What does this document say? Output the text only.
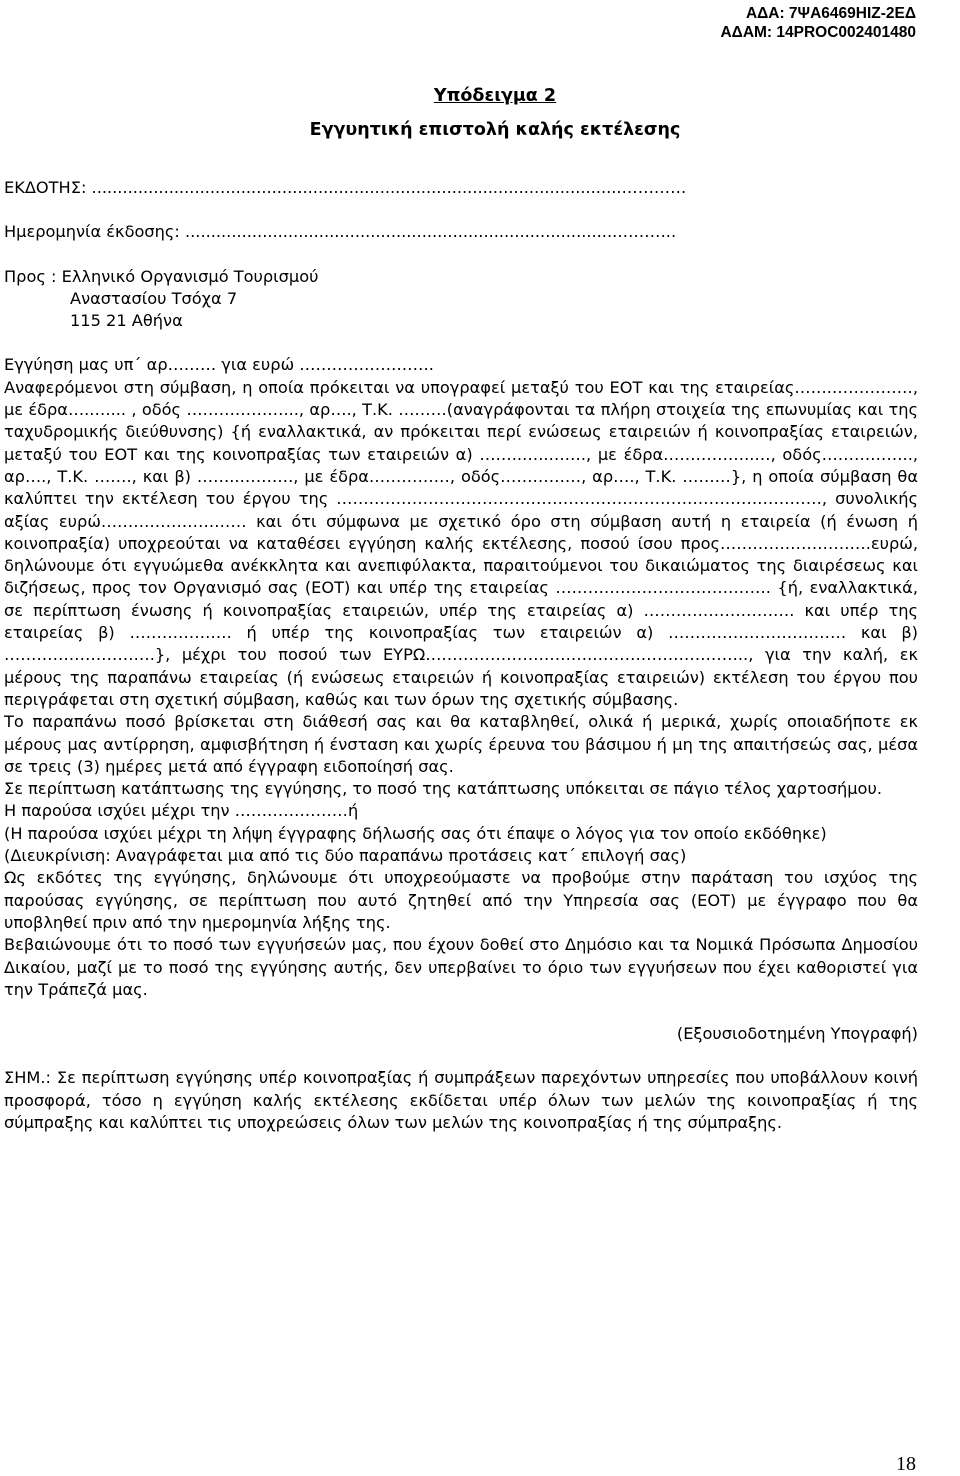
ΑΔΑ: 7ΨΑ6469ΗΙΖ-2ΕΔ
ΑΔΑΜ: 14PROC002401480
Υπόδειγμα 2
Εγγυητική επιστολή καλής εκτέλεσης

ΕΚΔΟΤΗΣ: .......................................................................................................…………

Ημερομηνία έκδοσης: ....................................................................................………..

Προς : Ελληνικό Οργανισμό Τουρισμού

Αναστασίου Τσόχα 7

115 21 Αθήνα

Εγγύηση μας υπ΄ αρ……… για ευρώ …………………….

Αναφερόμενοι στη σύμβαση, η οποία πρόκειται να υπογραφεί μεταξύ του ΕΟΤ και της εταιρείας…….……………, με έδρα…..…... , οδός ………………..., αρ…., Τ.Κ. ………(αναγράφονται τα πλήρη στοιχεία της επωνυμίας και της ταχυδρομικής διεύθυνσης) {ή εναλλακτικά, αν πρόκειται περί ενώσεως εταιρειών ή κοινοπραξίας εταιρειών, μεταξύ του ΕΟΤ και της κοινοπραξίας των εταιρειών α) ……..…..……., με έδρα……………..…, οδός…………….., αρ…., Τ.Κ. ……., και β) ……..………., με έδρα……………, οδός……………, αρ…., Τ.Κ. ………}, η οποία σύμβαση θα καλύπτει την εκτέλεση του έργου της ………………………………………………………………………………, συνολικής αξίας ευρώ……………………… και ότι σύμφωνα με σχετικό όρο στη σύμβαση αυτή η εταιρεία (ή ένωση ή κοινοπραξία) υποχρεούται να καταθέσει εγγύηση καλής εκτέλεσης, ποσού ίσου προς……………………….ευρώ, δηλώνουμε ότι εγγυώμεθα ανέκκλητα και ανεπιφύλακτα, παραιτούμενοι του δικαιώματος της διαιρέσεως και διζήσεως, προς τον Οργανισμό σας (ΕΟΤ) και υπέρ της εταιρείας …………………………………. {ή, εναλλακτικά, σε περίπτωση ένωσης ή κοινοπραξίας εταιρειών, υπέρ της εταιρείας α) ………………………. και υπέρ της εταιρείας β) ………………. ή υπέρ της κοινοπραξίας των εταιρειών α) …………………………… και β) ……………………….}, μέχρι του ποσού των ΕΥΡΩ………………………….……………………….., για την καλή, εκ μέρους της παραπάνω εταιρείας (ή ενώσεως εταιρειών ή κοινοπραξίας εταιρειών) εκτέλεση του έργου που περιγράφεται στη σχετική σύμβαση, καθώς και των όρων της σχετικής σύμβασης.

Το παραπάνω ποσό βρίσκεται στη διάθεσή σας και θα καταβληθεί, ολικά ή μερικά, χωρίς οποιαδήποτε εκ μέρους μας αντίρρηση, αμφισβήτηση ή ένσταση και χωρίς έρευνα του βάσιμου ή μη της απαιτήσεώς σας, μέσα σε τρεις (3) ημέρες μετά από έγγραφη ειδοποίησή σας.

Σε περίπτωση κατάπτωσης της εγγύησης, το ποσό της κατάπτωσης υπόκειται σε πάγιο τέλος χαρτοσήμου.

Η παρούσα ισχύει μέχρι την …………………ή

(Η παρούσα ισχύει μέχρι τη λήψη έγγραφης δήλωσής σας ότι έπαψε ο λόγος για τον οποίο εκδόθηκε)

(Διευκρίνιση: Αναγράφεται μια από τις δύο παραπάνω προτάσεις κατ΄ επιλογή σας)

Ως εκδότες της εγγύησης, δηλώνουμε ότι υποχρεούμαστε να προβούμε στην παράταση του ισχύος της παρούσας εγγύησης, σε περίπτωση που αυτό ζητηθεί από την Υπηρεσία σας (ΕΟΤ) με έγγραφο που θα υποβληθεί πριν από την ημερομηνία λήξης της.

Βεβαιώνουμε ότι το ποσό των εγγυήσεών μας, που έχουν δοθεί στο Δημόσιο και τα Νομικά Πρόσωπα Δημοσίου Δικαίου, μαζί με το ποσό της εγγύησης αυτής, δεν υπερβαίνει το όριο των εγγυήσεων που έχει καθοριστεί για την Τράπεζά μας.

(Εξουσιοδοτημένη Υπογραφή)

ΣΗΜ.: Σε περίπτωση εγγύησης υπέρ κοινοπραξίας ή συμπράξεων παρεχόντων υπηρεσίες που υποβάλλουν κοινή προσφορά, τόσο η εγγύηση καλής εκτέλεσης εκδίδεται υπέρ όλων των μελών της κοινοπραξίας ή της σύμπραξης και καλύπτει τις υποχρεώσεις όλων των μελών της κοινοπραξίας ή της σύμπραξης.

18
